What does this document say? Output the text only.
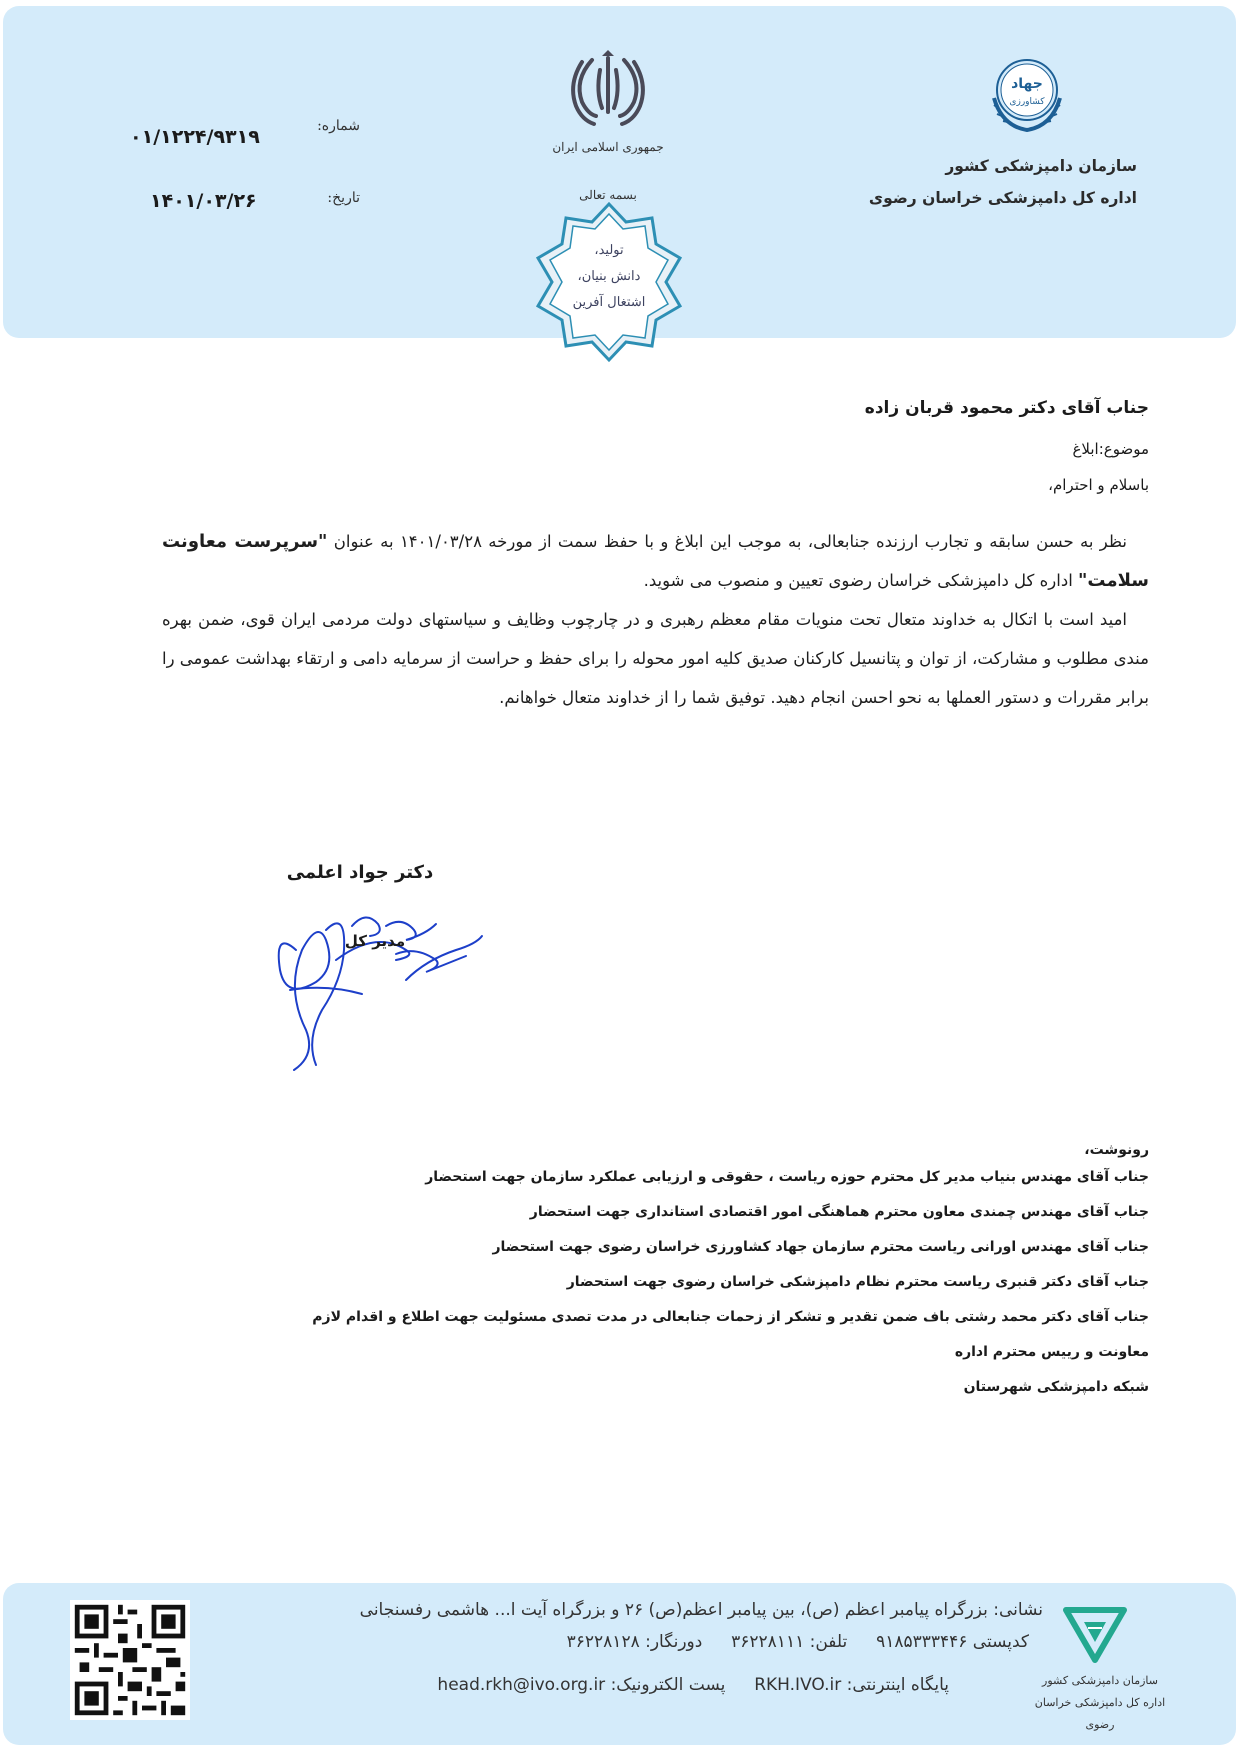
جهاد
کشاورزی
سازمان دامپزشکی کشور
اداره کل دامپزشکی خراسان رضوی
جمهوری اسلامی ایران
شماره:
۰۱/۱۲۲۴/۹۳۱۹
تاریخ:
۱۴۰۱/۰۳/۲۶	بسمه تعالی
تولید،
دانش بنیان،
اشتغال آفرین
جناب آقای دکتر محمود قربان زاده
موضوع:ابلاغ
باسلام و احترام،

نظر به حسن سابقه و تجارب ارزنده جنابعالی، به موجب این ابلاغ و با حفظ سمت از مورخه ۱۴۰۱/۰۳/۲۸ به عنوان "سرپرست معاونت سلامت" اداره کل دامپزشکی خراسان رضوی تعیین و منصوب می شوید.

امید است با اتکال به خداوند متعال تحت منویات مقام معظم رهبری و در چارچوب وظایف و سیاستهای دولت مردمی ایران قوی، ضمن بهره مندی مطلوب و مشارکت، از توان و پتانسیل کارکنان صدیق کلیه امور محوله را برای حفظ و حراست از سرمایه دامی و ارتقاء بهداشت عمومی را برابر مقررات و دستور العملها به نحو احسن انجام دهید. توفیق شما را از خداوند متعال خواهانم.

دکتر جواد اعلمی
مدیر کل
رونوشت،
جناب آقای مهندس بنیاب مدیر کل محترم حوزه ریاست ، حقوقی و ارزیابی عملکرد سازمان جهت استحضار
جناب آقای مهندس چمندی معاون محترم هماهنگی امور اقتصادی استانداری جهت استحضار
جناب آقای مهندس اورانی ریاست محترم سازمان جهاد کشاورزی خراسان رضوی جهت استحضار
جناب آقای دکتر قنبری ریاست محترم نظام دامپزشکی خراسان رضوی جهت استحضار
جناب آقای دکتر محمد رشتی باف ضمن تقدیر و تشکر از زحمات جنابعالی در مدت تصدی مسئولیت جهت اطلاع و اقدام لازم
معاونت و رییس محترم اداره
شبکه دامپزشکی شهرستان
سازمان دامپزشکی کشور
اداره کل دامپزشکی خراسان رضوی
نشانی: بزرگراه پیامبر اعظم (ص)، بین پیامبر اعظم(ص) ۲۶ و بزرگراه آیت ا... هاشمی رفسنجانی
کدپستی ۹۱۸۵۳۳۳۴۴۶  تلفن: ۳۶۲۲۸۱۱۱  دورنگار: ۳۶۲۲۸۱۲۸
پایگاه اینترنتی: RKH.IVO.ir  پست الکترونیک: head.rkh@ivo.org.ir
